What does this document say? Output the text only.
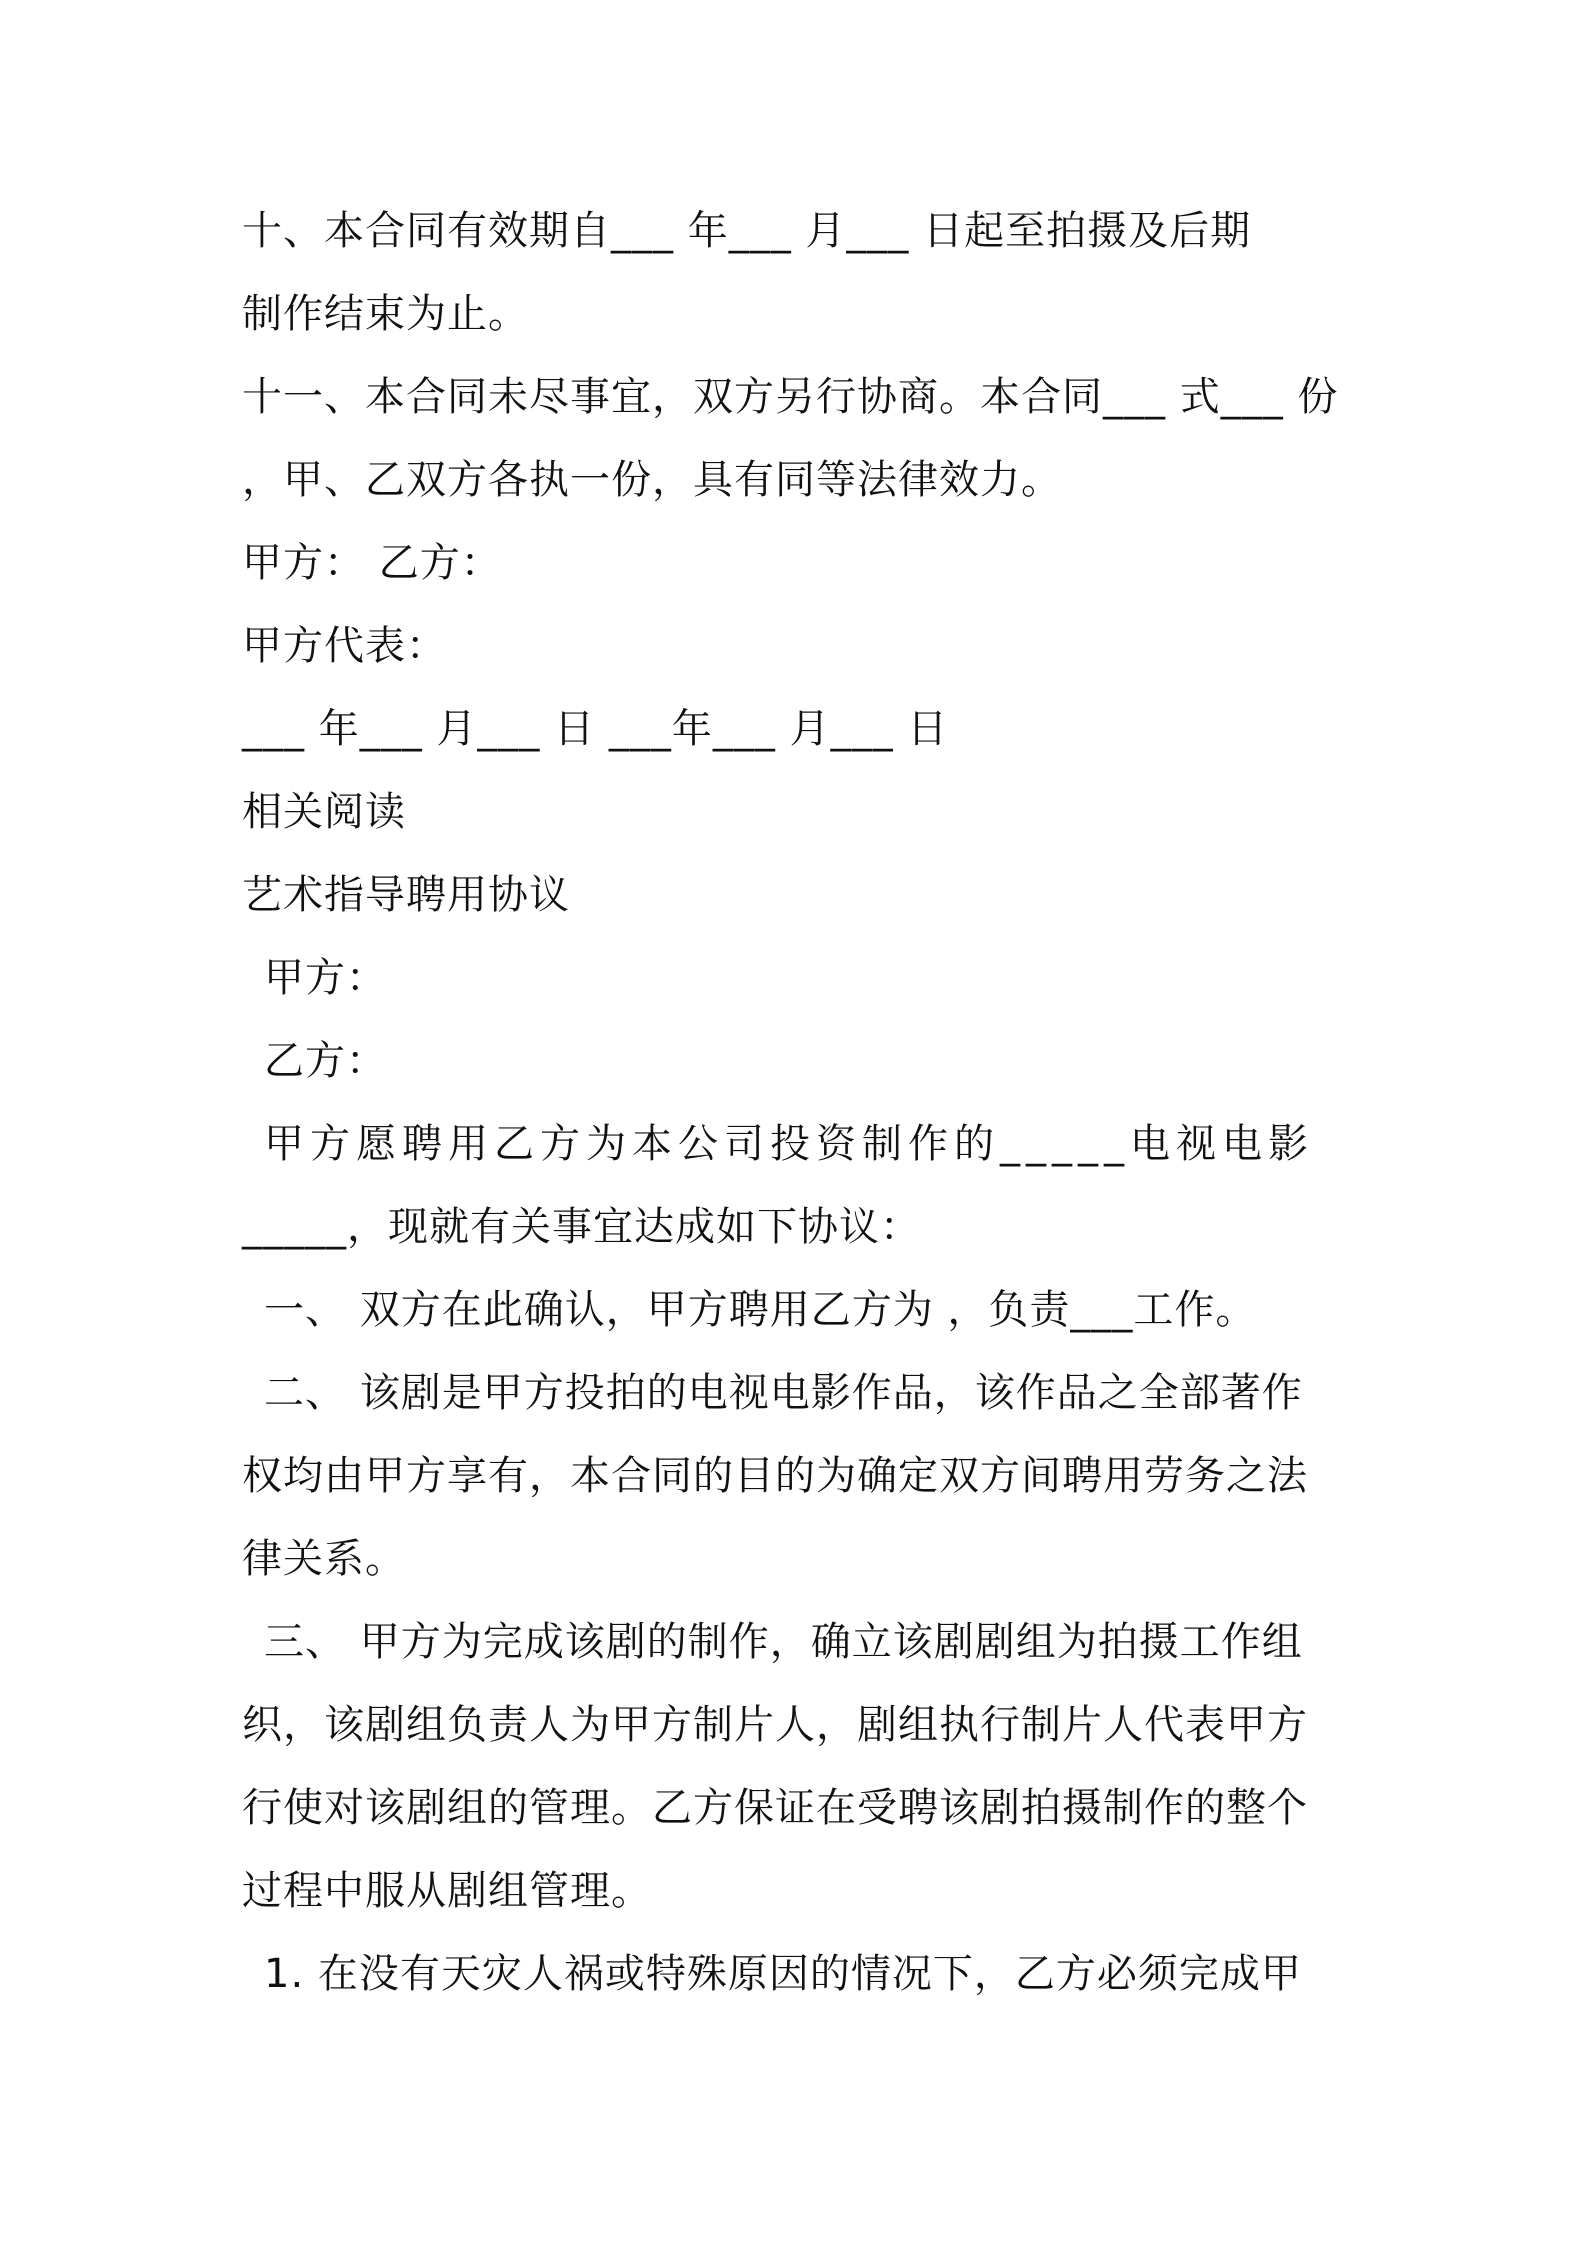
十、本合同有效期自___ 年___ 月___ 日起至拍摄及后期
制作结束为止。
十一、本合同未尽事宜，双方另行协商。本合同___ 式___ 份
，甲、乙双方各执一份，具有同等法律效力。
甲方： 乙方：
甲方代表：
___ 年___ 月___ 日 ___年___ 月___ 日
相关阅读
艺术指导聘用协议
甲方：
乙方：
甲方愿聘用乙方为本公司投资制作的_____电视电影
_____，现就有关事宜达成如下协议：
一、 双方在此确认，甲方聘用乙方为 ，负责___工作。
二、 该剧是甲方投拍的电视电影作品，该作品之全部著作
权均由甲方享有，本合同的目的为确定双方间聘用劳务之法
律关系。
三、 甲方为完成该剧的制作，确立该剧剧组为拍摄工作组
织，该剧组负责人为甲方制片人，剧组执行制片人代表甲方
行使对该剧组的管理。乙方保证在受聘该剧拍摄制作的整个
过程中服从剧组管理。
1. 在没有天灾人祸或特殊原因的情况下，乙方必须完成甲
